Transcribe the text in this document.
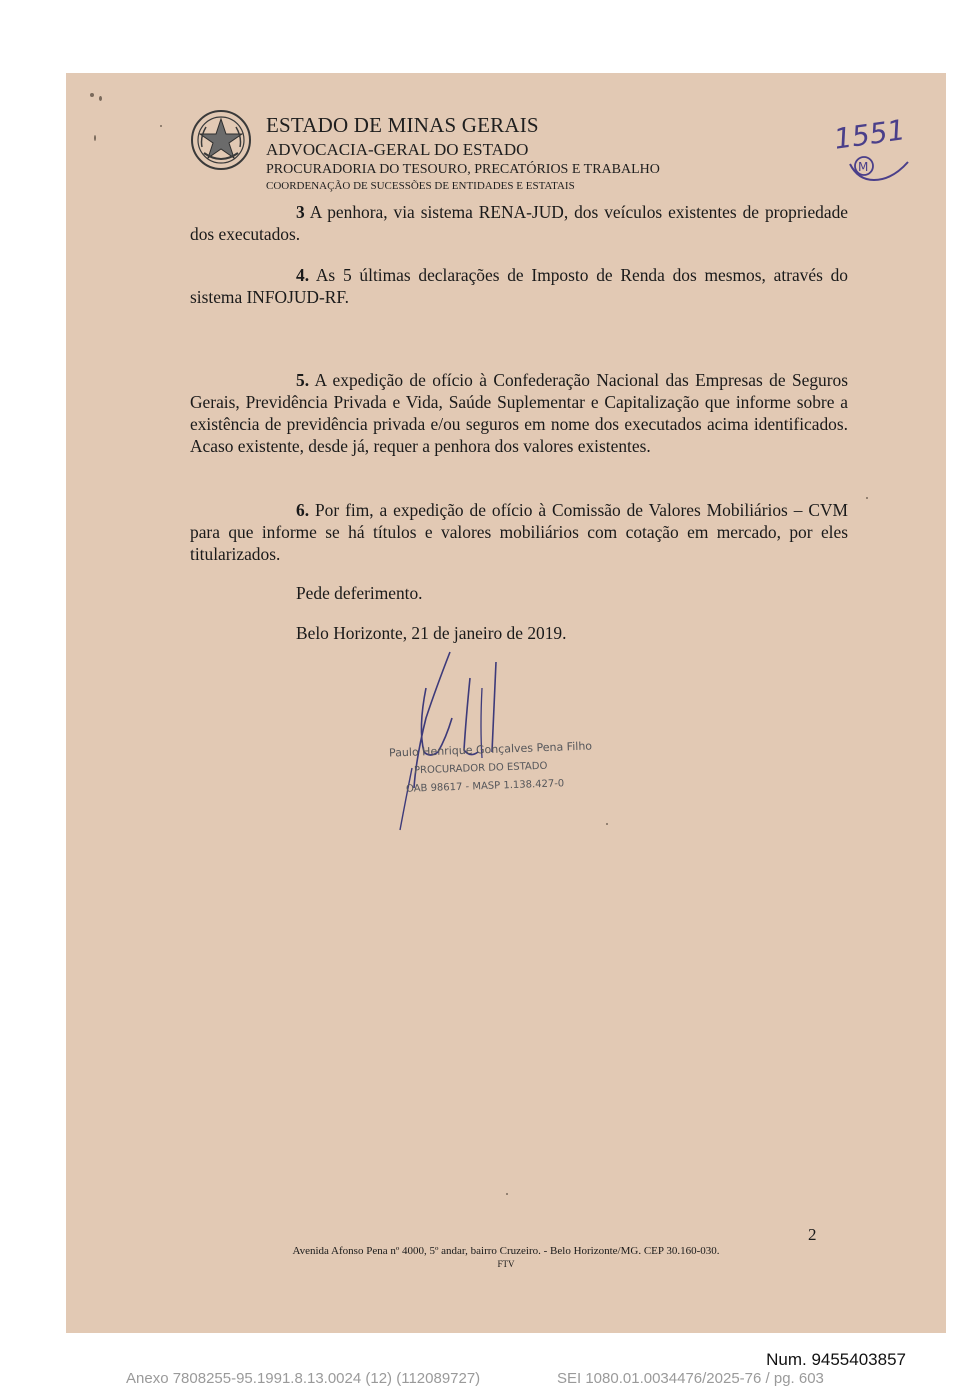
ESTADO DE MINAS GERAIS
ADVOCACIA-GERAL DO ESTADO
PROCURADORIA DO TESOURO, PRECATÓRIOS E TRABALHO
COORDENAÇÃO DE SUCESSÕES DE ENTIDADES E ESTATAIS
1551
M

3 A penhora, via sistema RENA-JUD, dos veículos existentes de propriedade dos executados.

4. As 5 últimas declarações de Imposto de Renda dos mesmos, através do sistema INFOJUD-RF.

5. A expedição de ofício à Confederação Nacional das Empresas de Seguros Gerais, Previdência Privada e Vida, Saúde Suplementar e Capitalização que informe sobre a existência de previdência privada e/ou seguros em nome dos executados acima identificados. Acaso existente, desde já, requer a penhora dos valores existentes.

6. Por fim, a expedição de ofício à Comissão de Valores Mobiliários – CVM para que informe se há títulos e valores mobiliários com cotação em mercado, por eles titularizados.

Pede deferimento.
Belo Horizonte, 21 de janeiro de 2019.
Paulo Henrique Gonçalves Pena Filho
PROCURADOR DO ESTADO
OAB 98617 - MASP 1.138.427-0
2
Avenida Afonso Pena nº 4000, 5º andar, bairro Cruzeiro. - Belo Horizonte/MG. CEP 30.160-030.
FTV
Num. 9455403857
Anexo 7808255-95.1991.8.13.0024 (12) (112089727)	SEI 1080.01.0034476/2025-76 / pg. 603
